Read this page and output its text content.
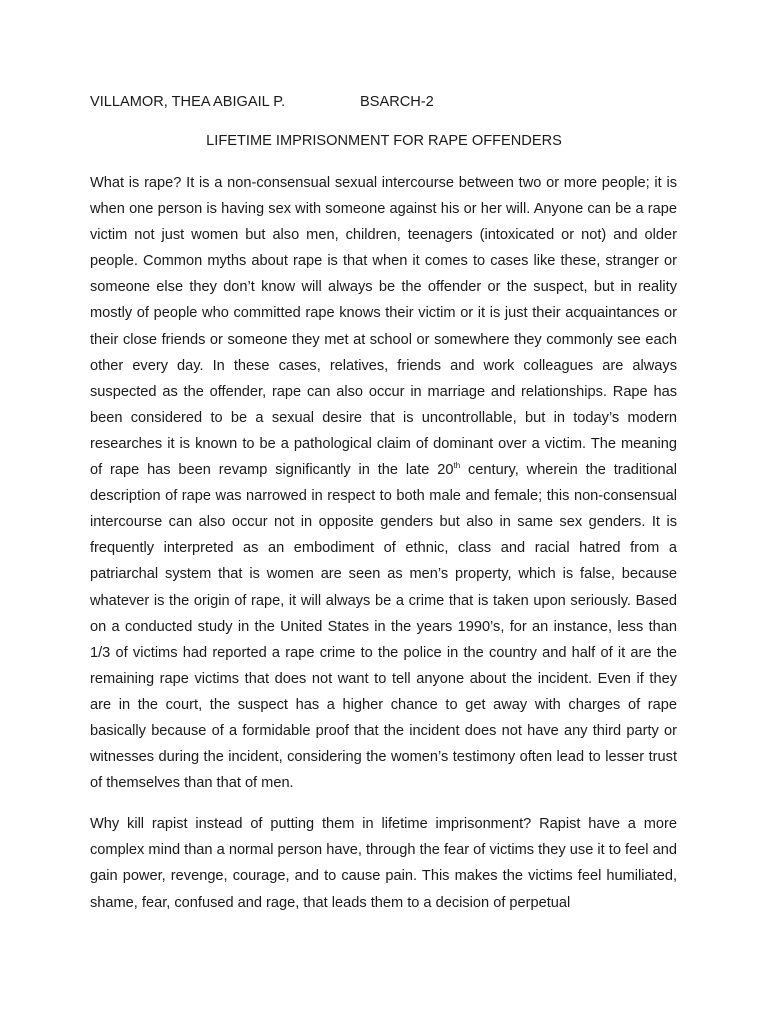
VILLAMOR, THEA ABIGAIL P.	BSARCH-2
LIFETIME IMPRISONMENT FOR RAPE OFFENDERS

What is rape? It is a non-consensual sexual intercourse between two or more people; it is when one person is having sex with someone against his or her will. Anyone can be a rape victim not just women but also men, children, teenagers (intoxicated or not) and older people. Common myths about rape is that when it comes to cases like these, stranger or someone else they don’t know will always be the offender or the suspect, but in reality mostly of people who committed rape knows their victim or it is just their acquaintances or their close friends or someone they met at school or somewhere they commonly see each other every day. In these cases, relatives, friends and work colleagues are always suspected as the offender, rape can also occur in marriage and relationships. Rape has been considered to be a sexual desire that is uncontrollable, but in today’s modern researches it is known to be a pathological claim of dominant over a victim. The meaning of rape has been revamp significantly in the late 20th century, wherein the traditional description of rape was narrowed in respect to both male and female; this non-consensual intercourse can also occur not in opposite genders but also in same sex genders. It is frequently interpreted as an embodiment of ethnic, class and racial hatred from a patriarchal system that is women are seen as men’s property, which is false, because whatever is the origin of rape, it will always be a crime that is taken upon seriously. Based on a conducted study in the United States in the years 1990’s, for an instance, less than 1/3 of victims had reported a rape crime to the police in the country and half of it are the remaining rape victims that does not want to tell anyone about the incident. Even if they are in the court, the suspect has a higher chance to get away with charges of rape basically because of a formidable proof that the incident does not have any third party or witnesses during the incident, considering the women’s testimony often lead to lesser trust of themselves than that of men.

Why kill rapist instead of putting them in lifetime imprisonment? Rapist have a more complex mind than a normal person have, through the fear of victims they use it to feel and gain power, revenge, courage, and to cause pain. This makes the victims feel humiliated, shame, fear, confused and rage, that leads them to a decision of perpetual
